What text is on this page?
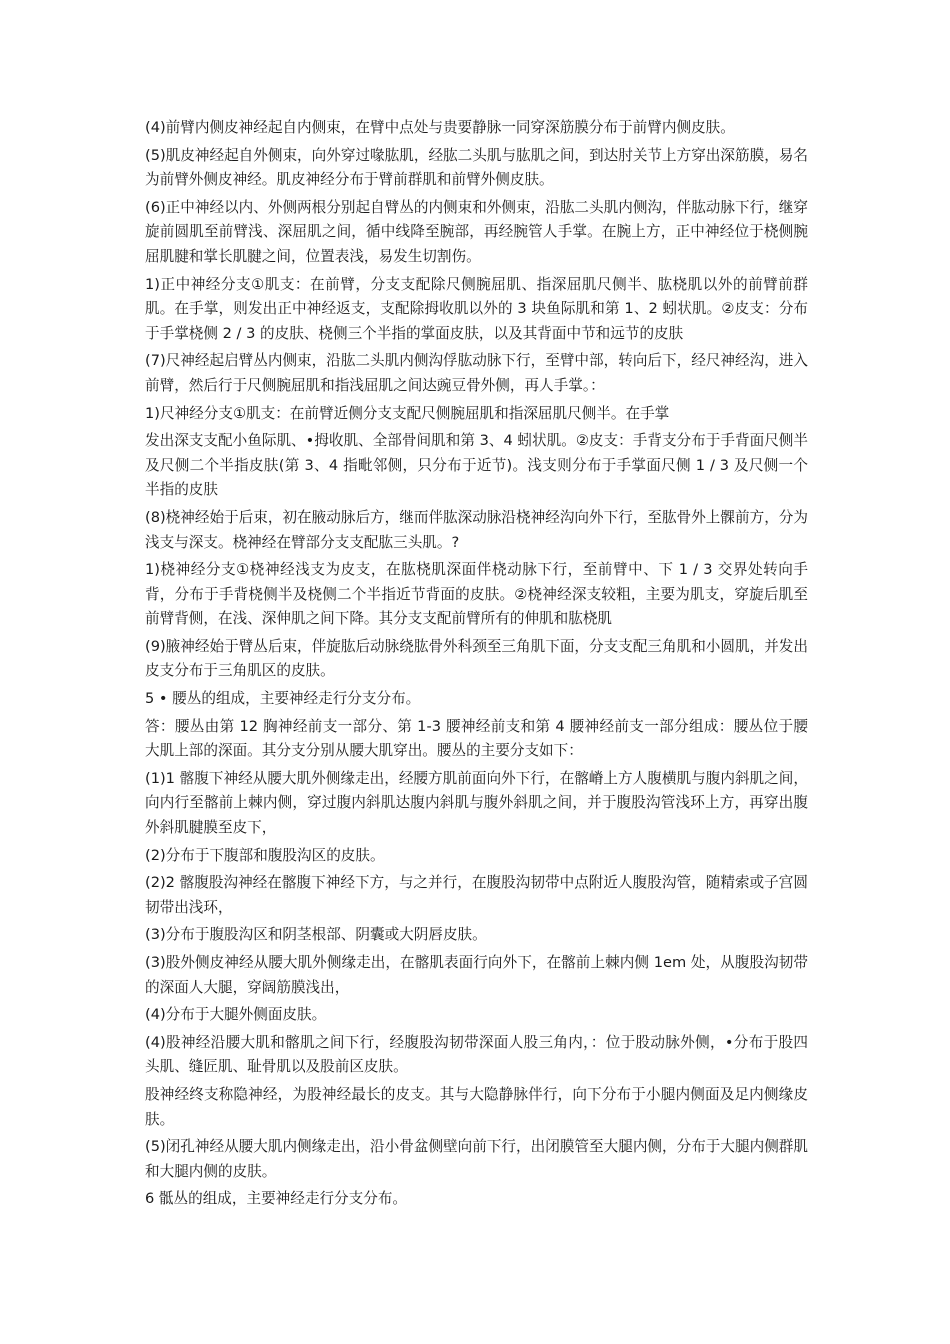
(4)前臂内侧皮神经起自内侧束，在臂中点处与贵要静脉一同穿深筋膜分布于前臂内侧皮肤。

(5)肌皮神经起自外侧束，向外穿过喙肱肌，经肱二头肌与肱肌之间，到达肘关节上方穿出深筋膜，易名为前臂外侧皮神经。肌皮神经分布于臂前群肌和前臂外侧皮肤。

(6)正中神经以内、外侧两根分别起自臂丛的内侧束和外侧束，沿肱二头肌内侧沟，伴肱动脉下行，继穿旋前圆肌至前臂浅、深屈肌之间，循中线降至腕部，再经腕管人手掌。在腕上方，正中神经位于桡侧腕屈肌腱和掌长肌腱之间，位置表浅，易发生切割伤。

1)正中神经分支①肌支：在前臂，分支支配除尺侧腕屈肌、指深屈肌尺侧半、肱桡肌以外的前臂前群肌。在手掌，则发出正中神经返支，支配除拇收肌以外的 3 块鱼际肌和第 1、2 蚓状肌。②皮支：分布于手掌桡侧 2 / 3 的皮肤、桡侧三个半指的掌面皮肤，以及其背面中节和远节的皮肤

(7)尺神经起启臂丛内侧束，沿肱二头肌内侧沟俘肱动脉下行，至臂中部，转向后下，经尺神经沟，进入前臂，然后行于尺侧腕屈肌和指浅屈肌之间达豌豆骨外侧，再人手掌。：

1)尺神经分支①肌支：在前臂近侧分支支配尺侧腕屈肌和指深屈肌尺侧半。在手掌

发出深支支配小鱼际肌、•拇收肌、全部骨间肌和第 3、4 蚓状肌。②皮支：手背支分布于手背面尺侧半及尺侧二个半指皮肤(第 3、4 指毗邻侧，只分布于近节)。浅支则分布于手掌面尺侧 1 / 3 及尺侧一个半指的皮肤

(8)桡神经始于后束，初在腋动脉后方，继而伴肱深动脉沿桡神经沟向外下行，至肱骨外上髁前方，分为浅支与深支。桡神经在臂部分支支配肱三头肌。?

1)桡神经分支①桡神经浅支为皮支，在肱桡肌深面伴桡动脉下行，至前臂中、下 1 / 3 交界处转向手背，分布于手背桡侧半及桡侧二个半指近节背面的皮肤。②桡神经深支较粗，主要为肌支，穿旋后肌至前臂背侧，在浅、深伸肌之间下降。其分支支配前臂所有的伸肌和肱桡肌

(9)腋神经始于臂丛后束，伴旋肱后动脉绕肱骨外科颈至三角肌下面，分支支配三角肌和小圆肌，并发出皮支分布于三角肌区的皮肤。

5 • 腰丛的组成，主要神经走行分支分布。

答：腰丛由第 12 胸神经前支一部分、第 1-3 腰神经前支和第 4 腰神经前支一部分组成：腰丛位于腰大肌上部的深面。其分支分别从腰大肌穿出。腰丛的主要分支如下：

(1)1 髂腹下神经从腰大肌外侧缘走出，经腰方肌前面向外下行，在髂嵴上方人腹横肌与腹内斜肌之间，向内行至髂前上棘内侧，穿过腹内斜肌达腹内斜肌与腹外斜肌之间，并于腹股沟管浅环上方，再穿出腹外斜肌腱膜至皮下，

(2)分布于下腹部和腹股沟区的皮肤。

(2)2 髂腹股沟神经在髂腹下神经下方，与之并行，在腹股沟韧带中点附近人腹股沟管，随精索或子宫圆韧带出浅环，

(3)分布于腹股沟区和阴茎根部、阴囊或大阴唇皮肤。

(3)股外侧皮神经从腰大肌外侧缘走出，在髂肌表面行向外下，在髂前上棘内侧 1em 处，从腹股沟韧带的深面人大腿，穿阔筋膜浅出，

(4)分布于大腿外侧面皮肤。

(4)股神经沿腰大肌和髂肌之间下行，经腹股沟韧带深面人股三角内，：位于股动脉外侧，•分布于股四头肌、缝匠肌、耻骨肌以及股前区皮肤。

股神经终支称隐神经，为股神经最长的皮支。其与大隐静脉伴行，向下分布于小腿内侧面及足内侧缘皮肤。

(5)闭孔神经从腰大肌内侧缘走出，沿小骨盆侧壁向前下行，出闭膜管至大腿内侧，分布于大腿内侧群肌和大腿内侧的皮肤。

6 骶丛的组成，主要神经走行分支分布。
